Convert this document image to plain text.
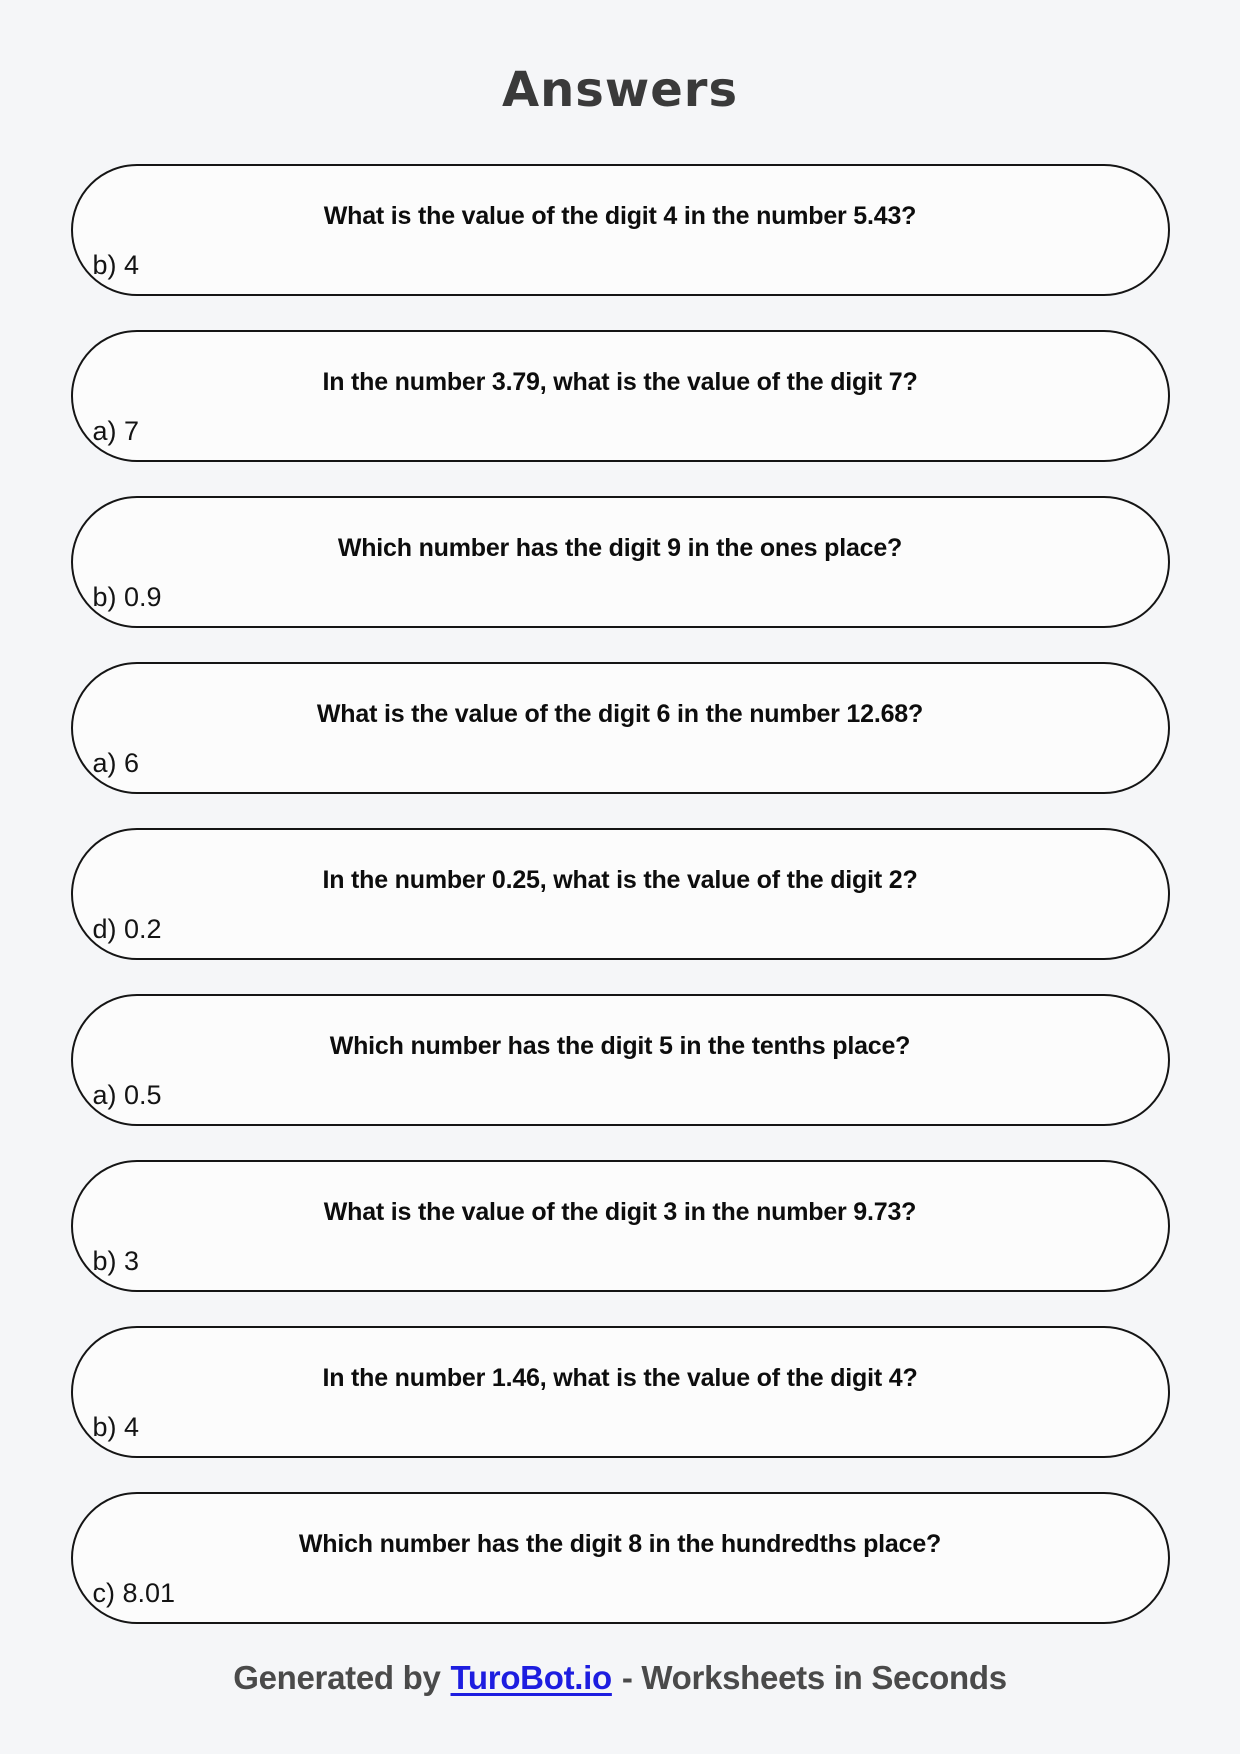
Answers
What is the value of the digit 4 in the number 5.43?
b) 4
In the number 3.79, what is the value of the digit 7?
a) 7
Which number has the digit 9 in the ones place?
b) 0.9
What is the value of the digit 6 in the number 12.68?
a) 6
In the number 0.25, what is the value of the digit 2?
d) 0.2
Which number has the digit 5 in the tenths place?
a) 0.5
What is the value of the digit 3 in the number 9.73?
b) 3
In the number 1.46, what is the value of the digit 4?
b) 4
Which number has the digit 8 in the hundredths place?
c) 8.01
Generated by TuroBot.io - Worksheets in Seconds
